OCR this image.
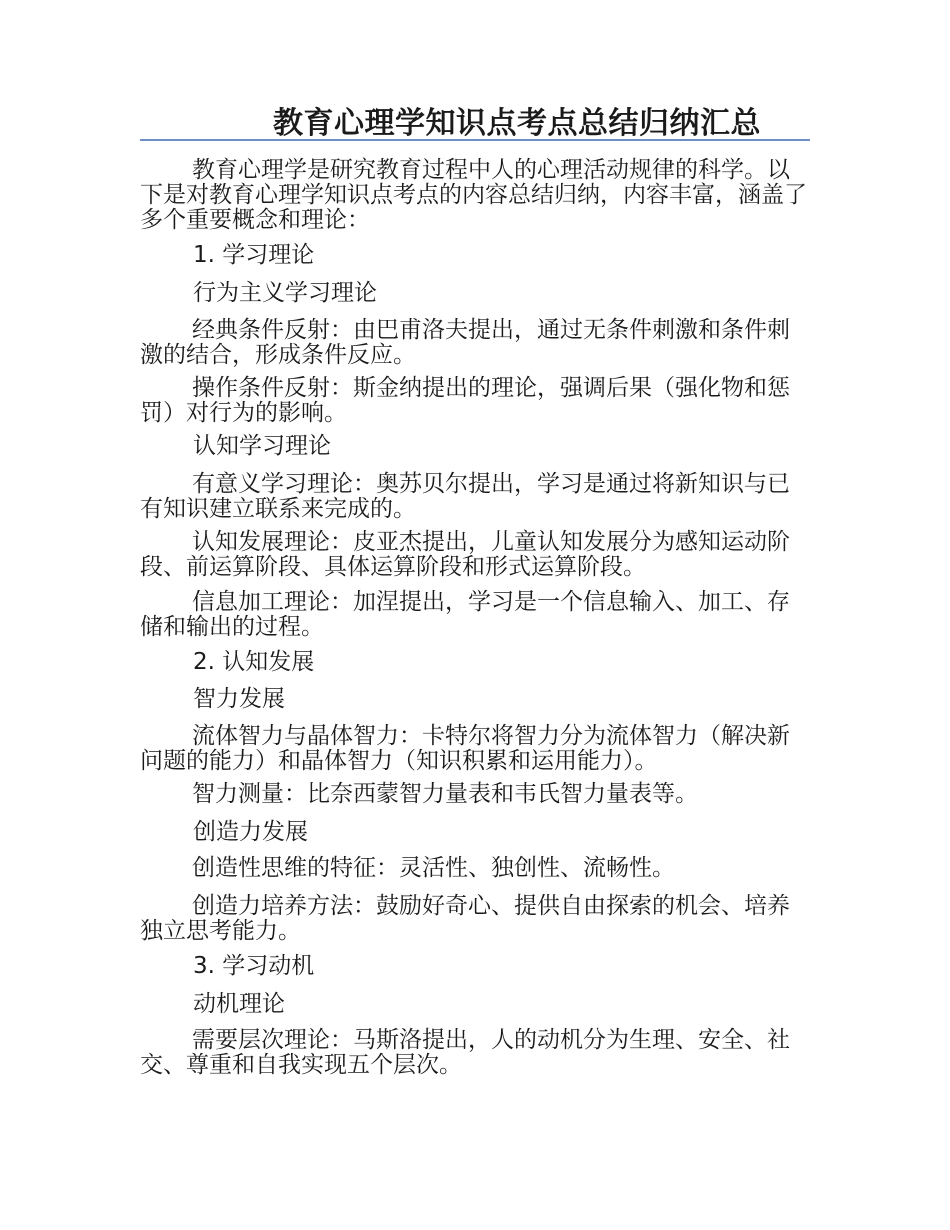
教育心理学知识点考点总结归纳汇总

教育心理学是研究教育过程中人的心理活动规律的科学。以下是对教育心理学知识点考点的内容总结归纳，内容丰富，涵盖了多个重要概念和理论：

1. 学习理论

行为主义学习理论

经典条件反射：由巴甫洛夫提出，通过无条件刺激和条件刺激的结合，形成条件反应。

操作条件反射：斯金纳提出的理论，强调后果（强化物和惩罚）对行为的影响。

认知学习理论

有意义学习理论：奥苏贝尔提出，学习是通过将新知识与已有知识建立联系来完成的。

认知发展理论：皮亚杰提出，儿童认知发展分为感知运动阶段、前运算阶段、具体运算阶段和形式运算阶段。

信息加工理论：加涅提出，学习是一个信息输入、加工、存储和输出的过程。

2. 认知发展

智力发展

流体智力与晶体智力：卡特尔将智力分为流体智力（解决新问题的能力）和晶体智力（知识积累和运用能力）。

智力测量：比奈西蒙智力量表和韦氏智力量表等。

创造力发展

创造性思维的特征：灵活性、独创性、流畅性。

创造力培养方法：鼓励好奇心、提供自由探索的机会、培养独立思考能力。

3. 学习动机

动机理论

需要层次理论：马斯洛提出，人的动机分为生理、安全、社交、尊重和自我实现五个层次。
